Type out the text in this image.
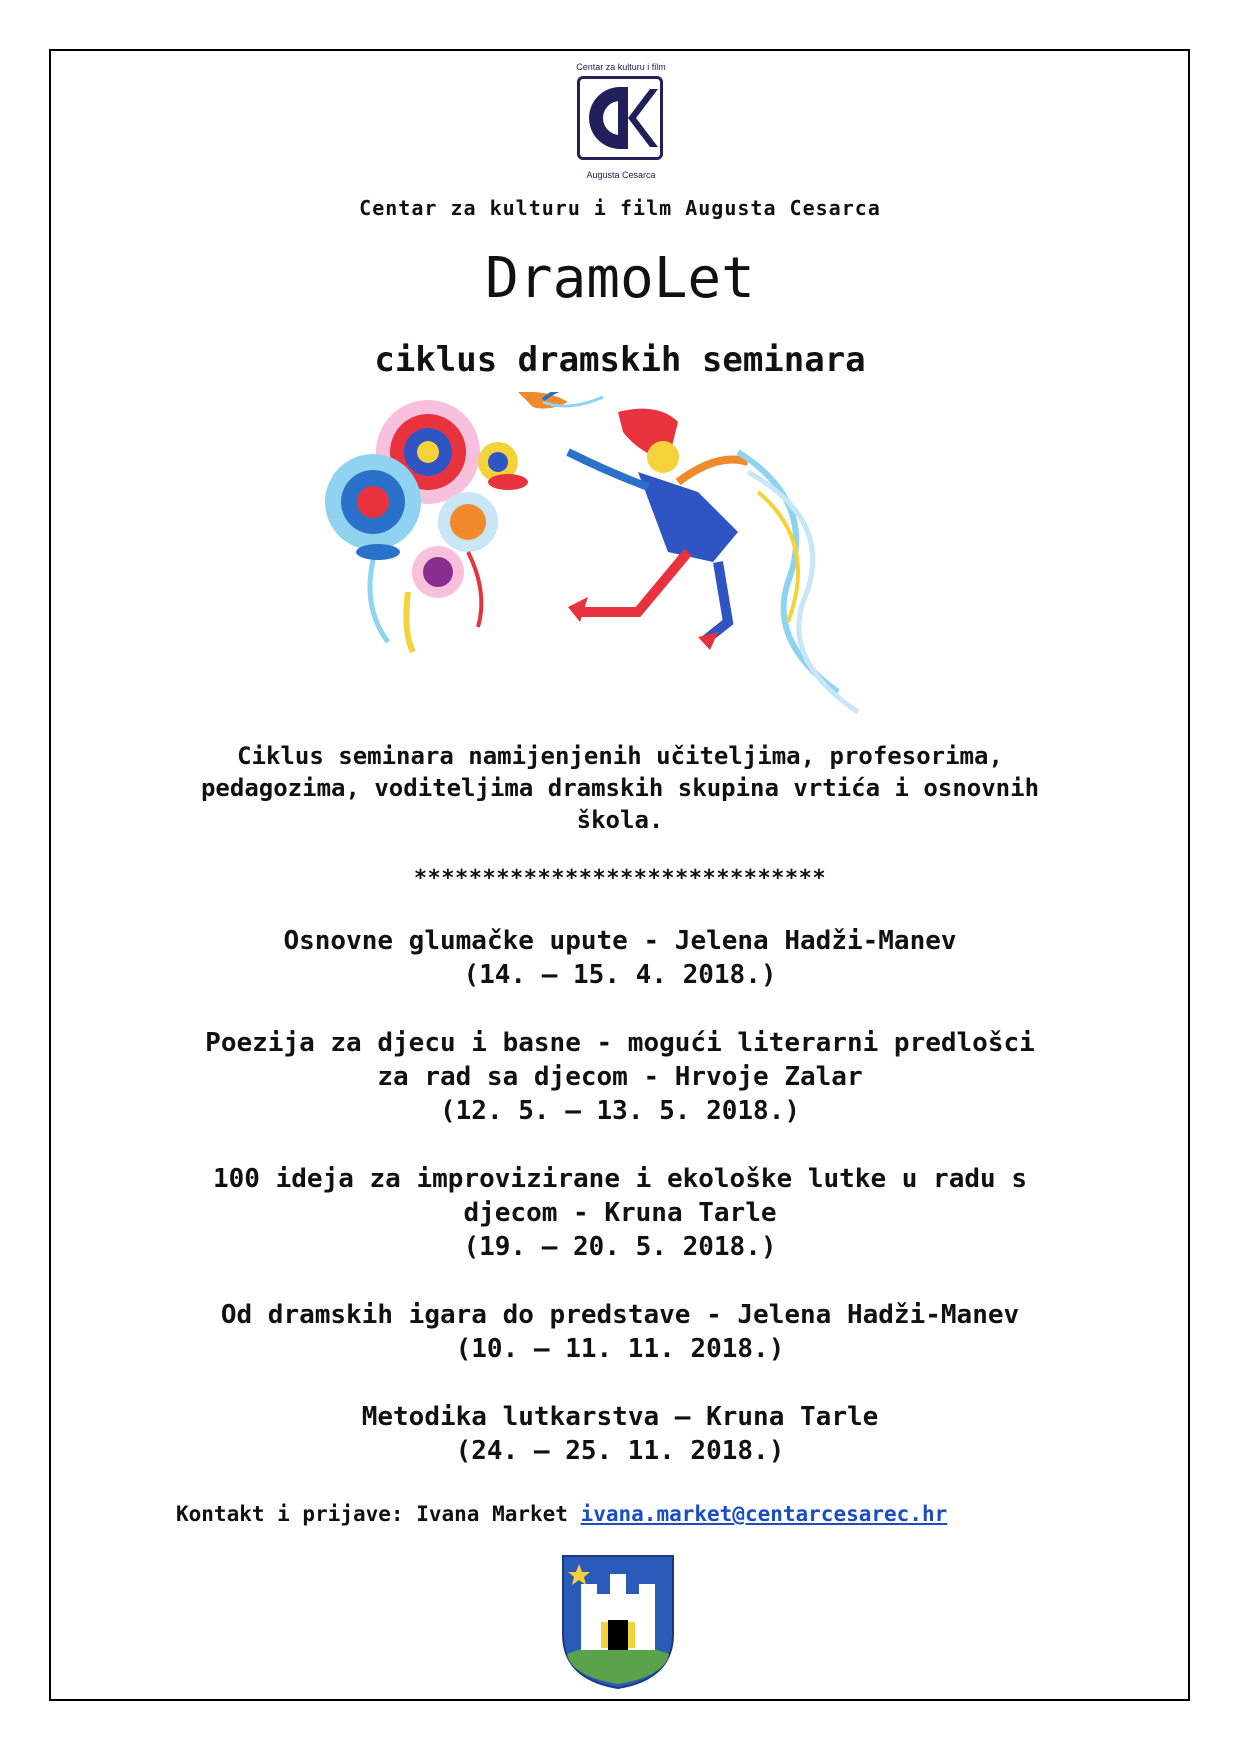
Centar za kulturu i film
Augusta Cesarca
Centar za kulturu i film Augusta Cesarca
DramoLet
ciklus dramskih seminara
Ciklus seminara namijenjenih učiteljima, profesorima, pedagozima, voditeljima dramskih skupina vrtića i osnovnih škola.
******************************
Osnovne glumačke upute - Jelena Hadži-Manev
(14. – 15. 4. 2018.)
Poezija za djecu i basne - mogući literarni predlošci za rad sa djecom - Hrvoje Zalar
(12. 5. – 13. 5. 2018.)
100 ideja za improvizirane i ekološke lutke u radu s djecom - Kruna Tarle
(19. – 20. 5. 2018.)
Od dramskih igara do predstave - Jelena Hadži-Manev
(10. – 11. 11. 2018.)
Metodika lutkarstva – Kruna Tarle
(24. – 25. 11. 2018.)
Kontakt i prijave: Ivana Market ivana.market@centarcesarec.hr
